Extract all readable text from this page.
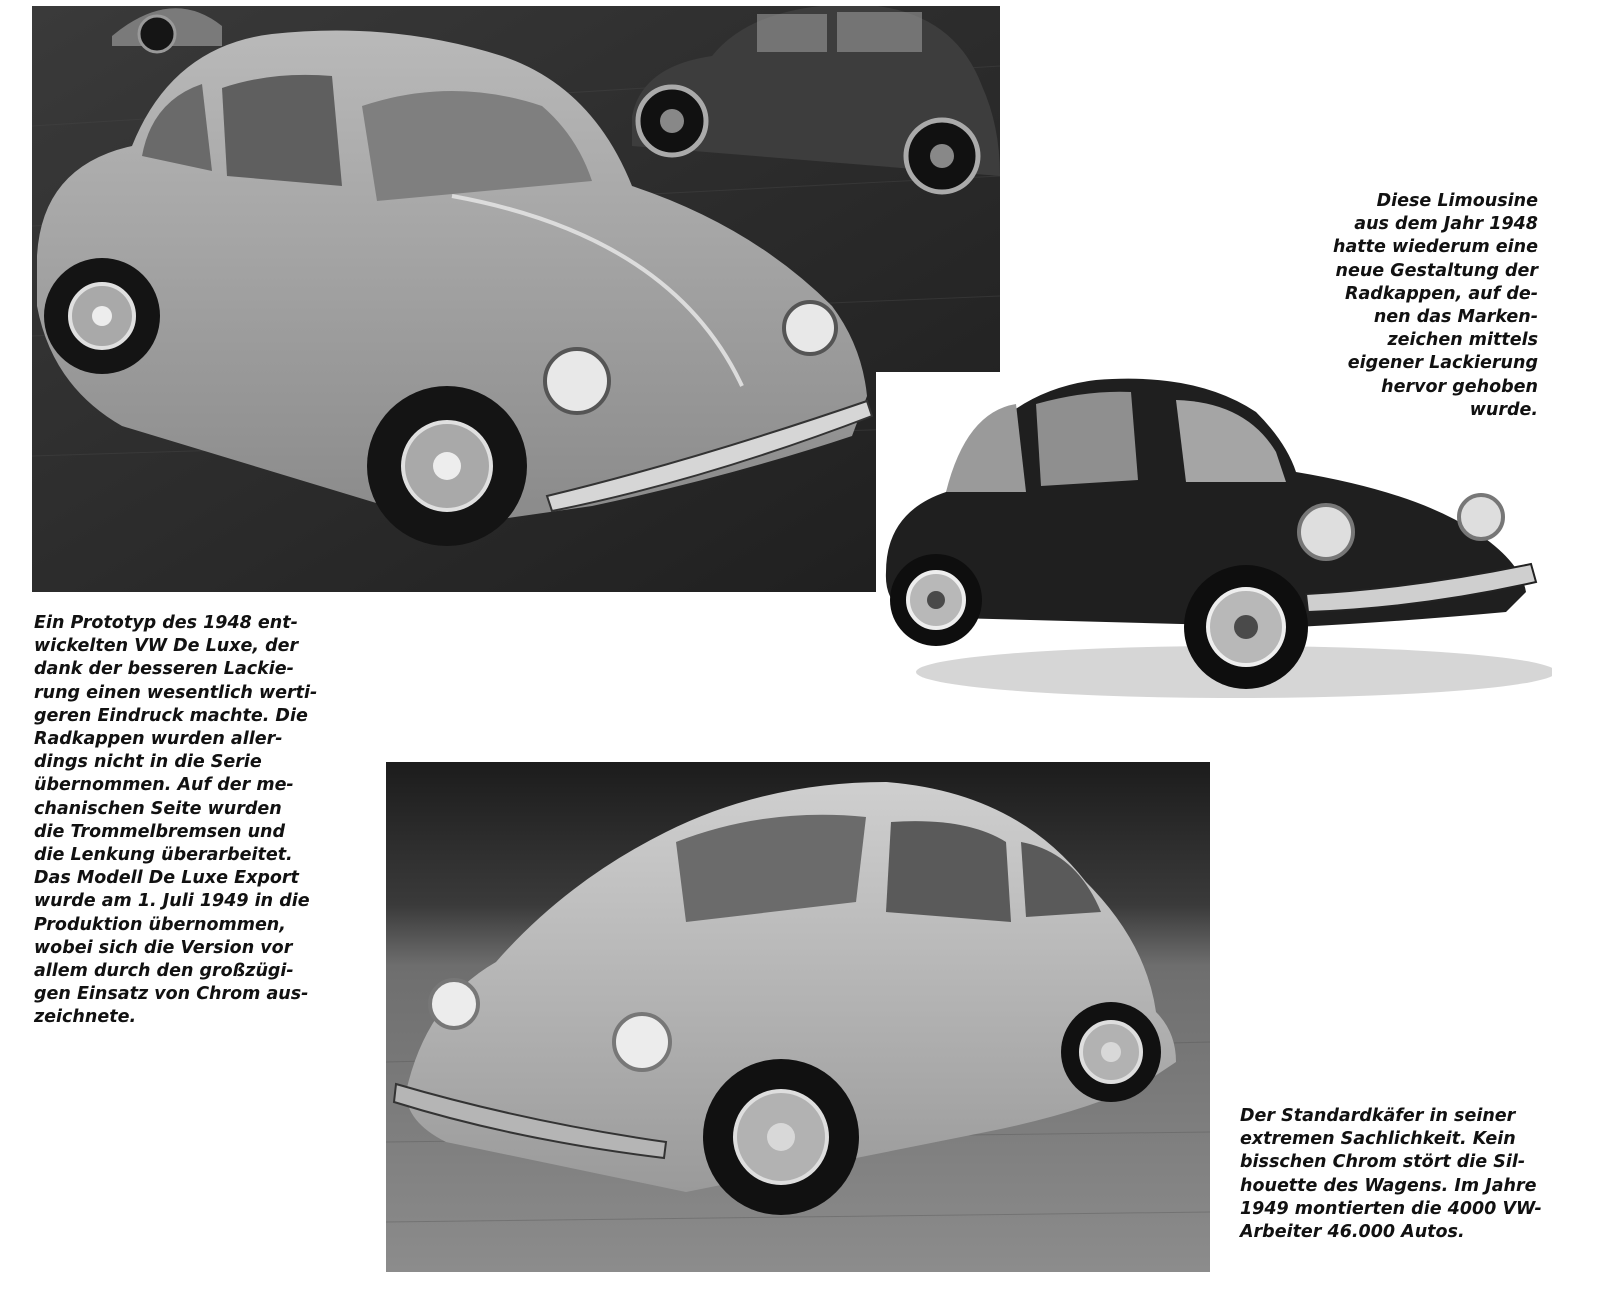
Ein Prototyp des 1948 ent-
wickelten VW De Luxe, der
dank der besseren Lackie-
rung einen wesentlich werti-
geren Eindruck machte. Die
Radkappen wurden aller-
dings nicht in die Serie
übernommen. Auf der me-
chanischen Seite wurden
die Trommelbremsen und
die Lenkung überarbeitet.
Das Modell De Luxe Export
wurde am 1. Juli 1949 in die
Produktion übernommen,
wobei sich die Version vor
allem durch den großzügi-
gen Einsatz von Chrom aus-
zeichnete.

Diese Limousine
aus dem Jahr 1948
hatte wiederum eine
neue Gestaltung der
Radkappen, auf de-
nen das Marken-
zeichen mittels
eigener Lackierung
hervor gehoben
wurde.

Der Standardkäfer in seiner
extremen Sachlichkeit. Kein
bisschen Chrom stört die Sil-
houette des Wagens. Im Jahre
1949 montierten die 4000 VW-
Arbeiter 46.000 Autos.
